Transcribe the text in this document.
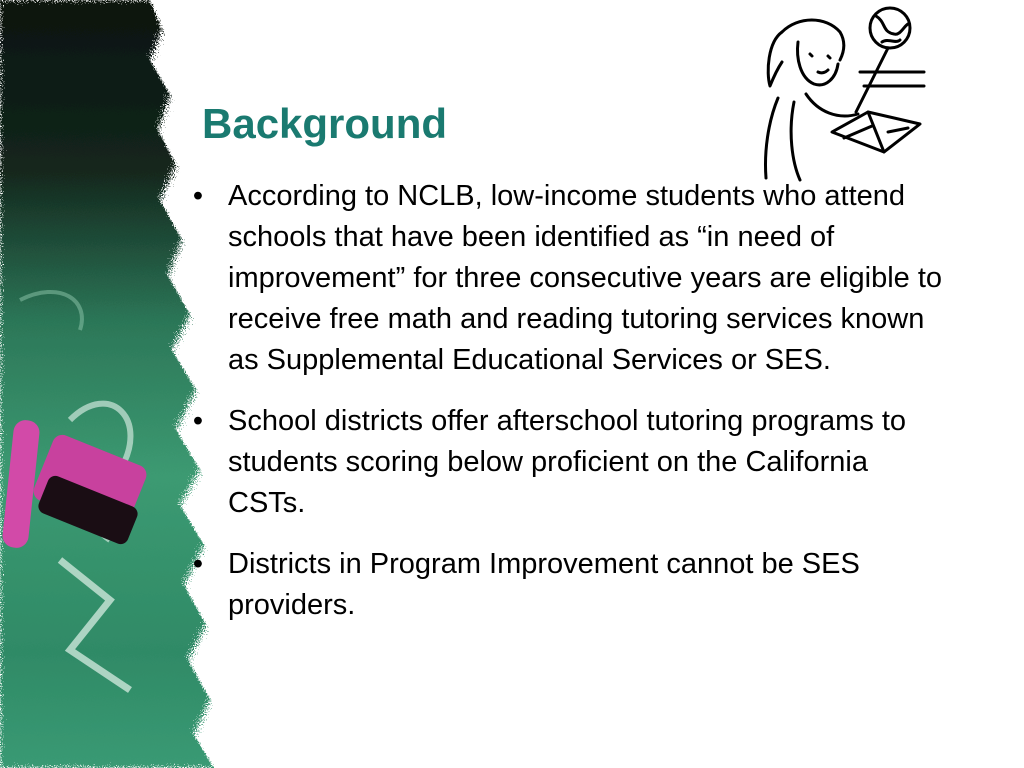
Background
• According to NCLB, low-income students who attend schools that have been identified as “in need of improvement” for three consecutive years are eligible to receive free math and reading tutoring services known as Supplemental Educational Services or SES.
• School districts offer afterschool tutoring programs to students scoring below proficient on the California CSTs.
• Districts in Program Improvement cannot be SES providers.
